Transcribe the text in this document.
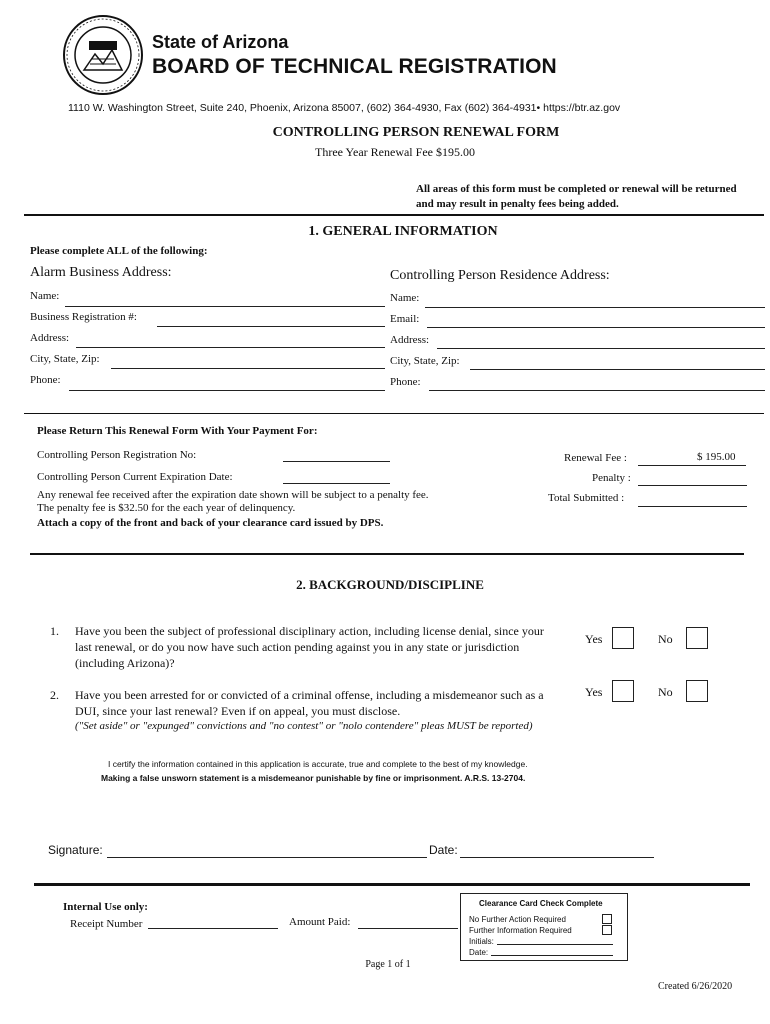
State of Arizona
BOARD OF TECHNICAL REGISTRATION
1110 W. Washington Street, Suite 240, Phoenix, Arizona 85007, (602) 364-4930, Fax (602) 364-4931• https://btr.az.gov
CONTROLLING PERSON RENEWAL FORM
Three Year Renewal Fee $195.00
All areas of this form must be completed or renewal will be returned and may result in penalty fees being added.
1. GENERAL INFORMATION
Please complete ALL of the following:
Alarm Business Address:	Controlling Person Residence Address:
Name:
Business Registration #:
Address:
City, State, Zip:
Phone:
Name:
Email:
Address:
City, State, Zip:
Phone:
Please Return This Renewal Form With Your Payment For:
Controlling Person Registration No:
Controlling Person Current Expiration Date:
Any renewal fee received after the expiration date shown will be subject to a penalty fee. The penalty fee is $32.50 for the each year of delinquency.
Attach a copy of the front and back of your clearance card issued by DPS.
Renewal Fee :	$ 195.00
Penalty :
Total Submitted :
2. BACKGROUND/DISCIPLINE
1. Have you been the subject of professional disciplinary action, including license denial, since your last renewal, or do you now have such action pending against you in any state or jurisdiction (including Arizona)?
Yes	No
2. Have you been arrested for or convicted of a criminal offense, including a misdemeanor such as a DUI, since your last renewal? Even if on appeal, you must disclose.
("Set aside" or "expunged" convictions and "no contest" or "nolo contendere" pleas MUST be reported)
Yes	No
I certify the information contained in this application is accurate, true and complete to the best of my knowledge.
Making a false unsworn statement is a misdemeanor punishable by fine or imprisonment. A.R.S. 13-2704.
Signature:	Date:
Internal Use only:
Receipt Number	Amount Paid:
Clearance Card Check Complete
No Further Action Required
Further Information Required
Initials:
Date:
Page 1 of 1
Created 6/26/2020
